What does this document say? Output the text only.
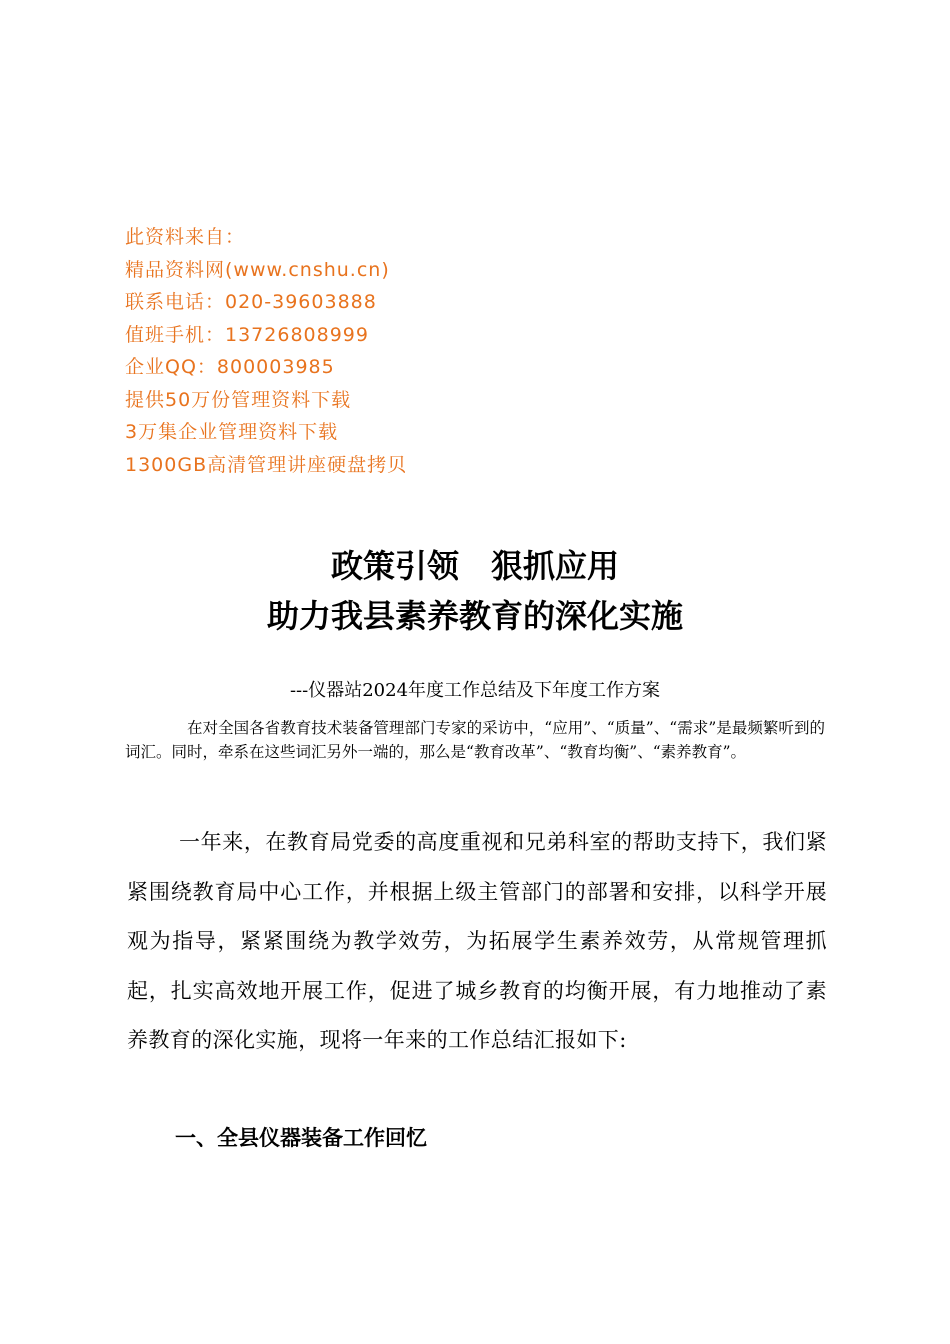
此资料来自：
精品资料网(www.cnshu.cn)
联系电话：020-39603888
值班手机：13726808999
企业QQ：800003985
提供50万份管理资料下载
3万集企业管理资料下载
1300GB高清管理讲座硬盘拷贝
政策引领　狠抓应用
助力我县素养教育的深化实施
---仪器站2024年度工作总结及下年度工作方案

在对全国各省教育技术装备管理部门专家的采访中，“应用”、“质量”、“需求”是最频繁听到的词汇。同时，牵系在这些词汇另外一端的，那么是“教育改革”、“教育均衡”、“素养教育”。

一年来，在教育局党委的高度重视和兄弟科室的帮助支持下，我们紧紧围绕教育局中心工作，并根据上级主管部门的部署和安排，以科学开展观为指导，紧紧围绕为教学效劳，为拓展学生素养效劳，从常规管理抓起，扎实高效地开展工作，促进了城乡教育的均衡开展，有力地推动了素养教育的深化实施，现将一年来的工作总结汇报如下:

一、全县仪器装备工作回忆
